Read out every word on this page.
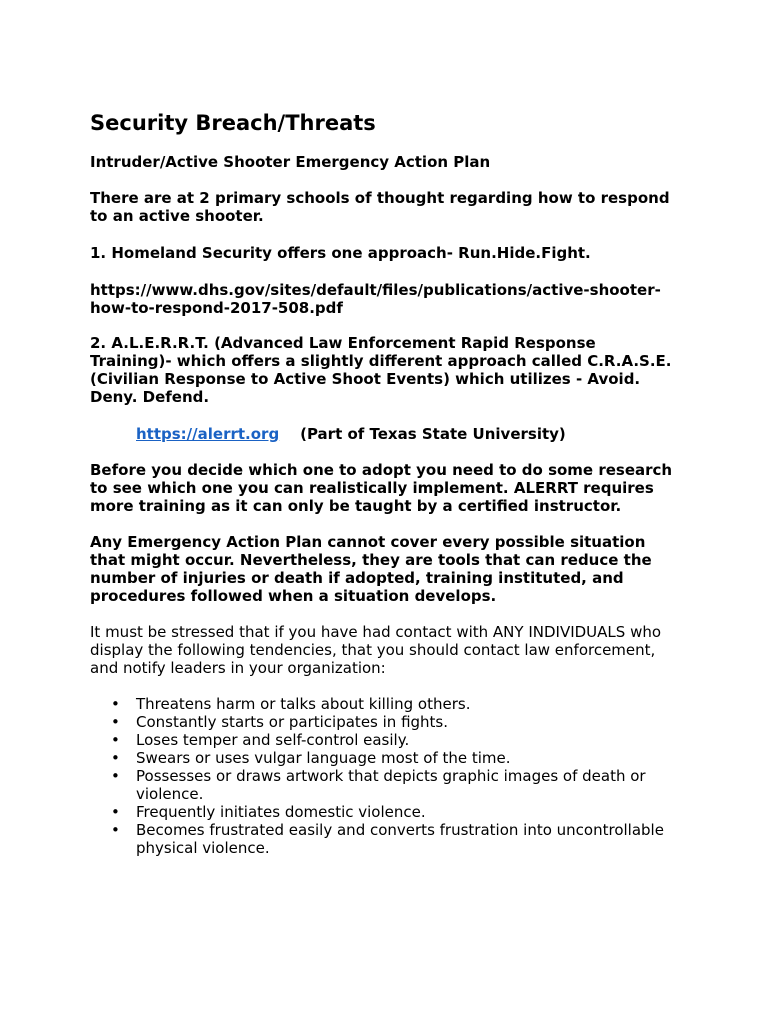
Security Breach/Threats

Intruder/Active Shooter Emergency Action Plan

There are at 2 primary schools of thought regarding how to respond
to an active shooter.

1. Homeland Security offers one approach- Run.Hide.Fight.

https://www.dhs.gov/sites/default/files/publications/active-shooter-
how-to-respond-2017-508.pdf

2. A.L.E.R.R.T. (Advanced Law Enforcement Rapid Response
Training)- which offers a slightly different approach called C.R.A.S.E.
(Civilian Response to Active Shoot Events) which utilizes - Avoid.
Deny. Defend.

https://alerrt.org (Part of Texas State University)

Before you decide which one to adopt you need to do some research
to see which one you can realistically implement. ALERRT requires
more training as it can only be taught by a certified instructor.

Any Emergency Action Plan cannot cover every possible situation
that might occur. Nevertheless, they are tools that can reduce the
number of injuries or death if adopted, training instituted, and
procedures followed when a situation develops.

It must be stressed that if you have had contact with ANY INDIVIDUALS who
display the following tendencies, that you should contact law enforcement,
and notify leaders in your organization:

• Threatens harm or talks about killing others.
• Constantly starts or participates in fights.
• Loses temper and self-control easily.
• Swears or uses vulgar language most of the time.
• Possesses or draws artwork that depicts graphic images of death or
violence.
• Frequently initiates domestic violence.
• Becomes frustrated easily and converts frustration into uncontrollable
physical violence.
